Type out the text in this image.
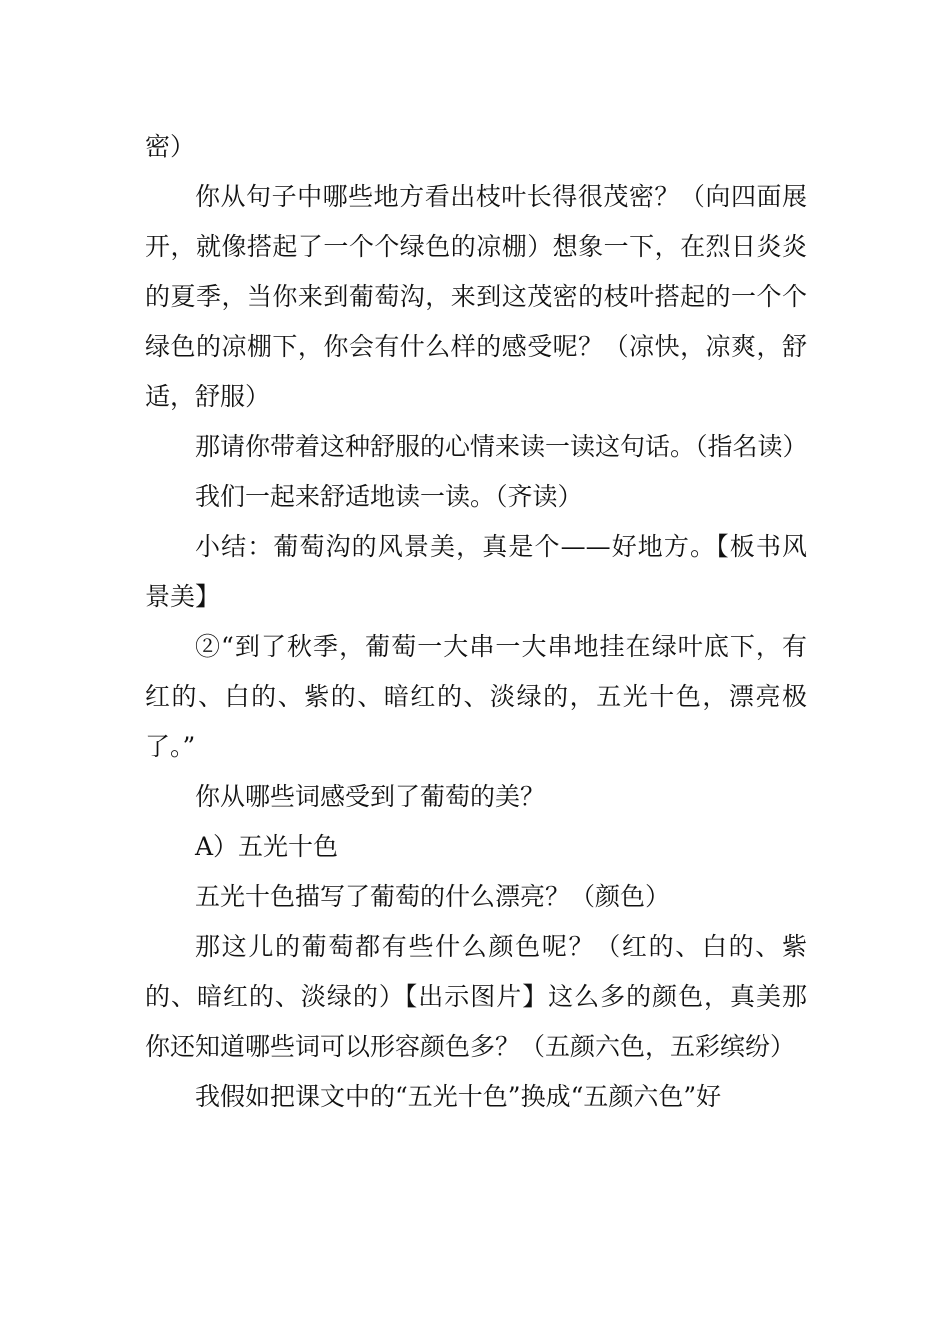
密）

你从句子中哪些地方看出枝叶长得很茂密？（向四面展开，就像搭起了一个个绿色的凉棚）想象一下，在烈日炎炎的夏季，当你来到葡萄沟，来到这茂密的枝叶搭起的一个个绿色的凉棚下，你会有什么样的感受呢？（凉快，凉爽，舒适，舒服）

那请你带着这种舒服的心情来读一读这句话。（指名读）

我们一起来舒适地读一读。（齐读）

小结：葡萄沟的风景美，真是个——好地方。【板书风景美】

②“到了秋季，葡萄一大串一大串地挂在绿叶底下，有红的、白的、紫的、暗红的、淡绿的，五光十色，漂亮极了。”

你从哪些词感受到了葡萄的美？

A）五光十色

五光十色描写了葡萄的什么漂亮？（颜色）

那这儿的葡萄都有些什么颜色呢？（红的、白的、紫的、暗红的、淡绿的）【出示图片】这么多的颜色，真美那你还知道哪些词可以形容颜色多？（五颜六色，五彩缤纷）

我假如把课文中的“五光十色”换成“五颜六色”好
